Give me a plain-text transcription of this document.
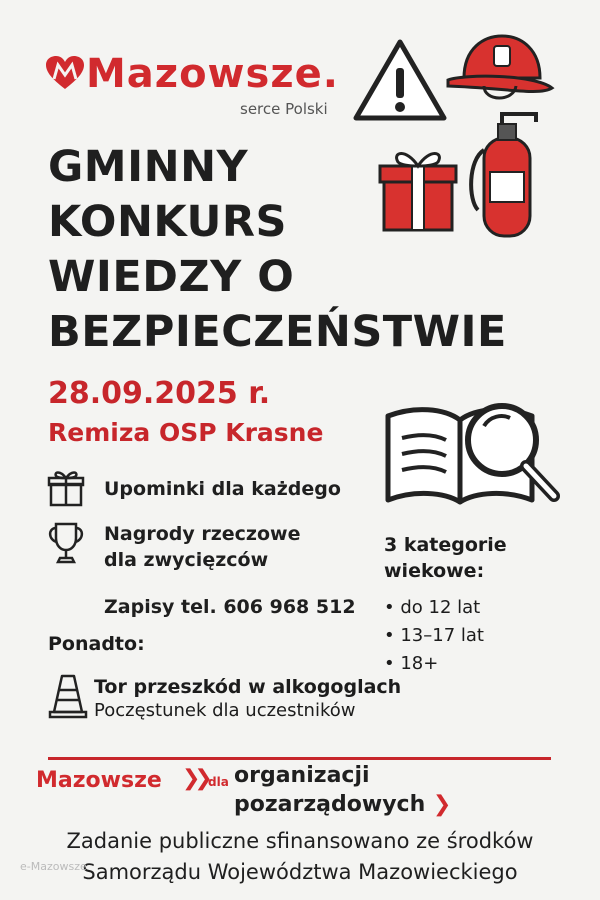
Mazowsze.
serce Polski
GMINNY
KONKURS
WIEDZY O
BEZPIECZEŃSTWIE
28.09.2025 r.
Remiza OSP Krasne
Upominki dla każdego
Nagrody rzeczowe
dla zwycięzców
Zapisy tel. 606 968 512
3 kategorie
wiekowe:
• do 12 lat
• 13–17 lat
• 18+
Ponadto:
Tor przeszkód w alkogoglach
Poczęstunek dla uczestników
Mazowsze ❯❯ dla organizacji
pozarządowych ❯
Zadanie publiczne sfinansowano ze środków
Samorządu Województwa Mazowieckiego
e-Mazowsze
